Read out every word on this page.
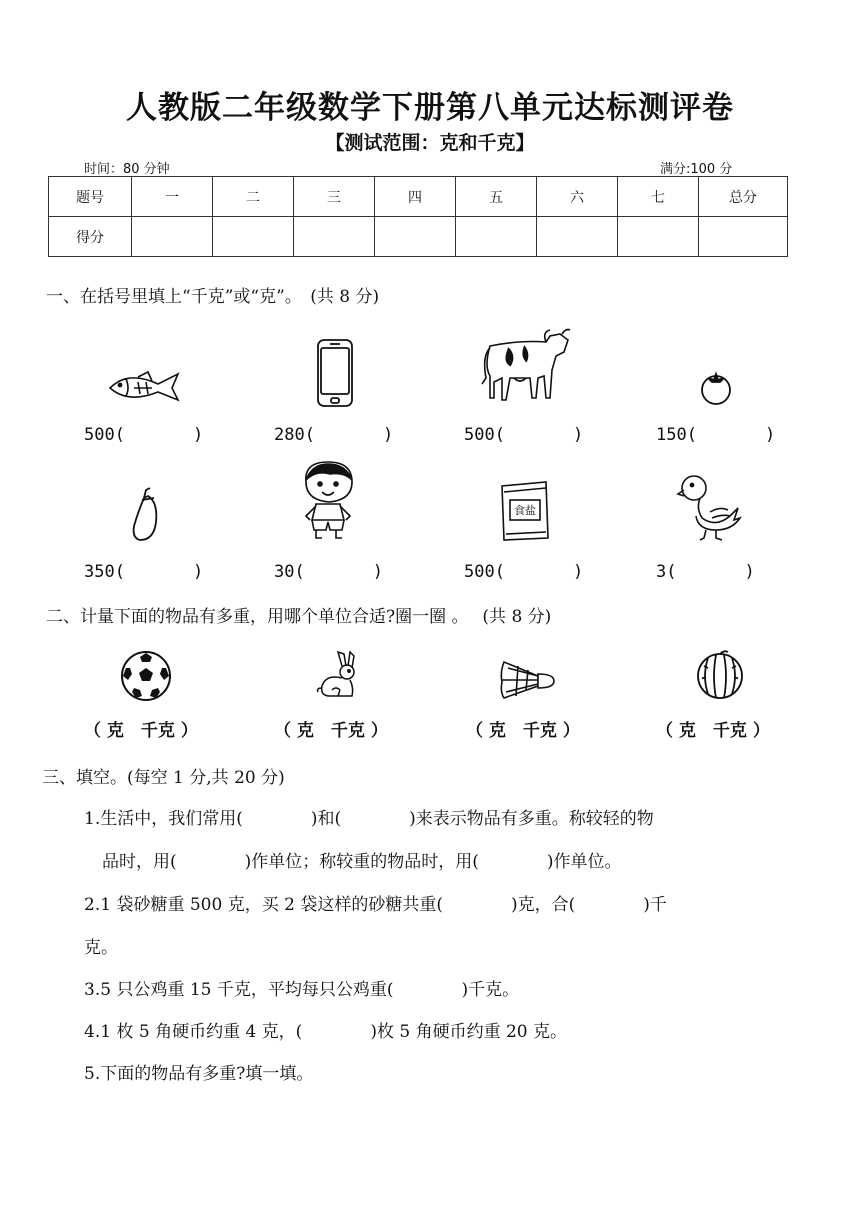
人教版二年级数学下册第八单元达标测评卷
【测试范围：克和千克】
时间：80 分钟	满分:100 分
题号	一	二	三	四	五	六	七	总分
得分								
一、在括号里填上“千克”或“克”。　(共 8 分)
500(　　　　)	280(　　　　)	500(　　　　)	150(　　　　)
350(　　　　)	30(　　　　)
食盐
500(　　　　)	3(　　　　)
二、计量下面的物品有多重，用哪个单位合适?圈一圈 。　 (共 8 分)
（ 克　千克 ）	（ 克　千克 ）	（ 克　千克 ）	（ 克　千克 ）
三、填空。(每空 1 分,共 20 分)
1.生活中，我们常用(　　　　)和(　　　　)来表示物品有多重。称较轻的物
品时，用(　　　　)作单位；称较重的物品时，用(　　　　)作单位。
2.1 袋砂糖重 500 克，买 2 袋这样的砂糖共重(　　　　)克，合(　　　　)千
克。
3.5 只公鸡重 15 千克，平均每只公鸡重(　　　　)千克。
4.1 枚 5 角硬币约重 4 克，(　　　　)枚 5 角硬币约重 20 克。
5.下面的物品有多重?填一填。
